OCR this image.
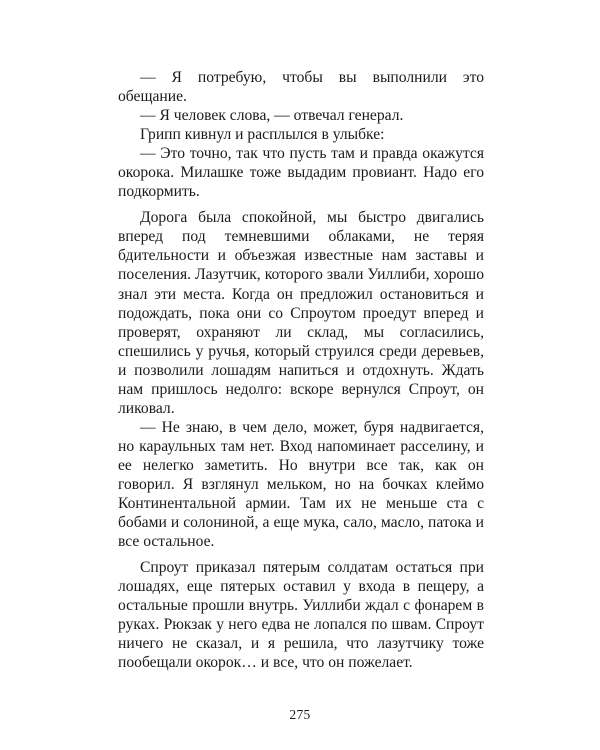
— Я потребую, чтобы вы выполнили это обещание.

— Я человек слова, — отвечал генерал.

Грипп кивнул и расплылся в улыбке:

— Это точно, так что пусть там и правда окажутся окорока. Милашке тоже выдадим провиант. Надо его подкормить.

Дорога была спокойной, мы быстро двигались вперед под темневшими облаками, не теряя бдительности и объезжая известные нам заставы и поселения. Лазутчик, которого звали Уиллиби, хорошо знал эти места. Когда он предложил остановиться и подождать, пока они со Спроутом проедут вперед и проверят, охраняют ли склад, мы согласились, спешились у ручья, который струился среди деревьев, и позволили лошадям напиться и отдохнуть. Ждать нам пришлось недолго: вскоре вернулся Спроут, он ликовал.

— Не знаю, в чем дело, может, буря надвигается, но караульных там нет. Вход напоминает расселину, и ее нелегко заметить. Но внутри все так, как он говорил. Я взглянул мельком, но на бочках клеймо Континентальной армии. Там их не меньше ста с бобами и солониной, а еще мука, сало, масло, патока и все остальное.

Спроут приказал пятерым солдатам остаться при лошадях, еще пятерых оставил у входа в пещеру, а остальные прошли внутрь. Уиллиби ждал с фонарем в руках. Рюкзак у него едва не лопался по швам. Спроут ничего не сказал, и я решила, что лазутчику тоже пообещали окорок… и все, что он пожелает.

275
